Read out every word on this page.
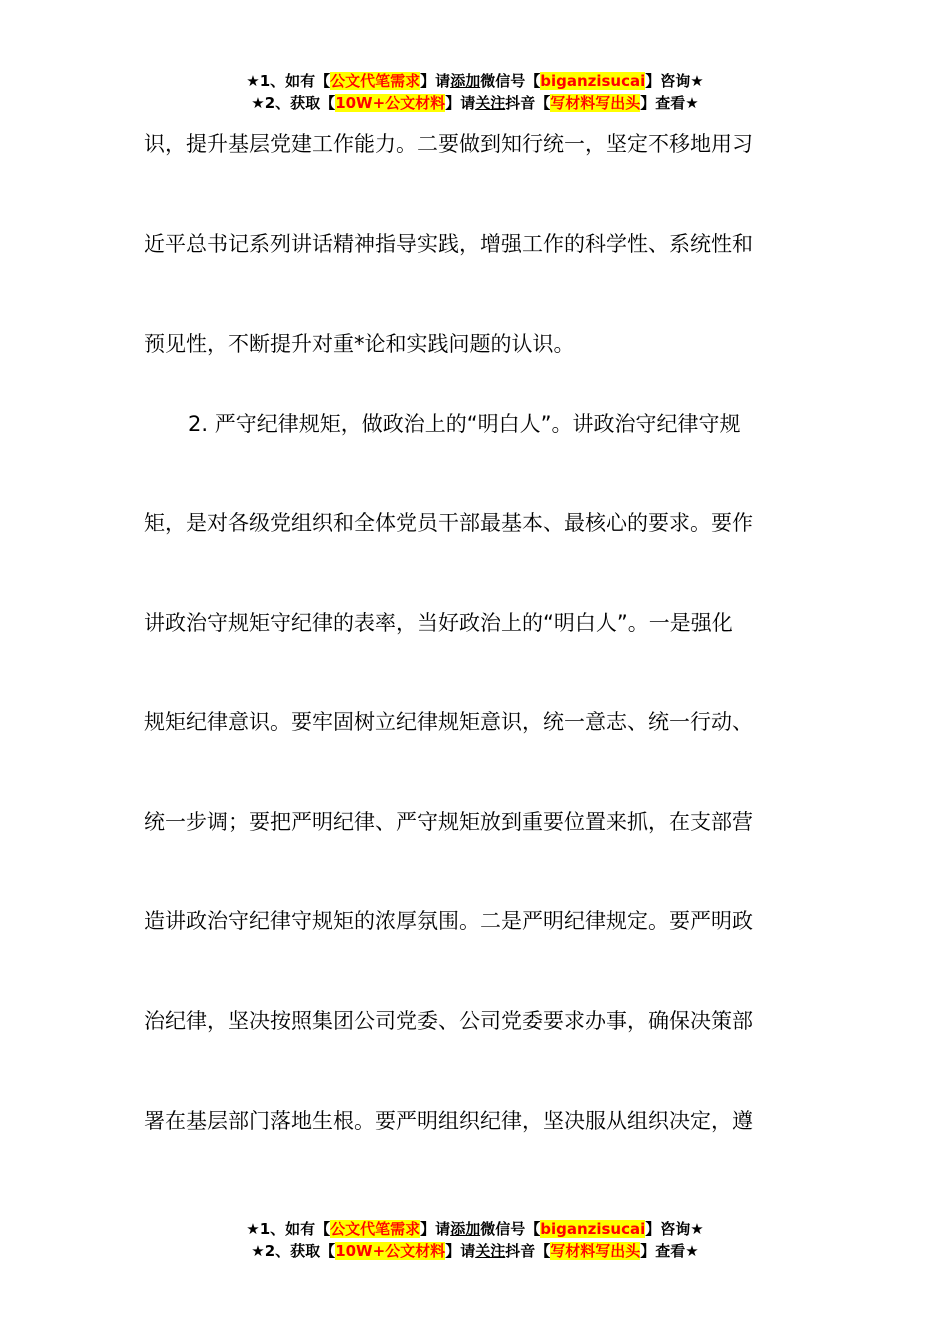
★1、如有【公文代笔需求】请添加微信号【biganzisucai】咨询★
★2、获取【10W+公文材料】请关注抖音【写材料写出头】查看★
识，提升基层党建工作能力。二要做到知行统一，坚定不移地用习
近平总书记系列讲话精神指导实践，增强工作的科学性、系统性和
预见性，不断提升对重*论和实践问题的认识。
2. 严守纪律规矩，做政治上的“明白人”。讲政治守纪律守规
矩，是对各级党组织和全体党员干部最基本、最核心的要求。要作
讲政治守规矩守纪律的表率，当好政治上的“明白人”。一是强化
规矩纪律意识。要牢固树立纪律规矩意识，统一意志、统一行动、
统一步调；要把严明纪律、严守规矩放到重要位置来抓，在支部营
造讲政治守纪律守规矩的浓厚氛围。二是严明纪律规定。要严明政
治纪律，坚决按照集团公司党委、公司党委要求办事，确保决策部
署在基层部门落地生根。要严明组织纪律，坚决服从组织决定，遵
★1、如有【公文代笔需求】请添加微信号【biganzisucai】咨询★
★2、获取【10W+公文材料】请关注抖音【写材料写出头】查看★
